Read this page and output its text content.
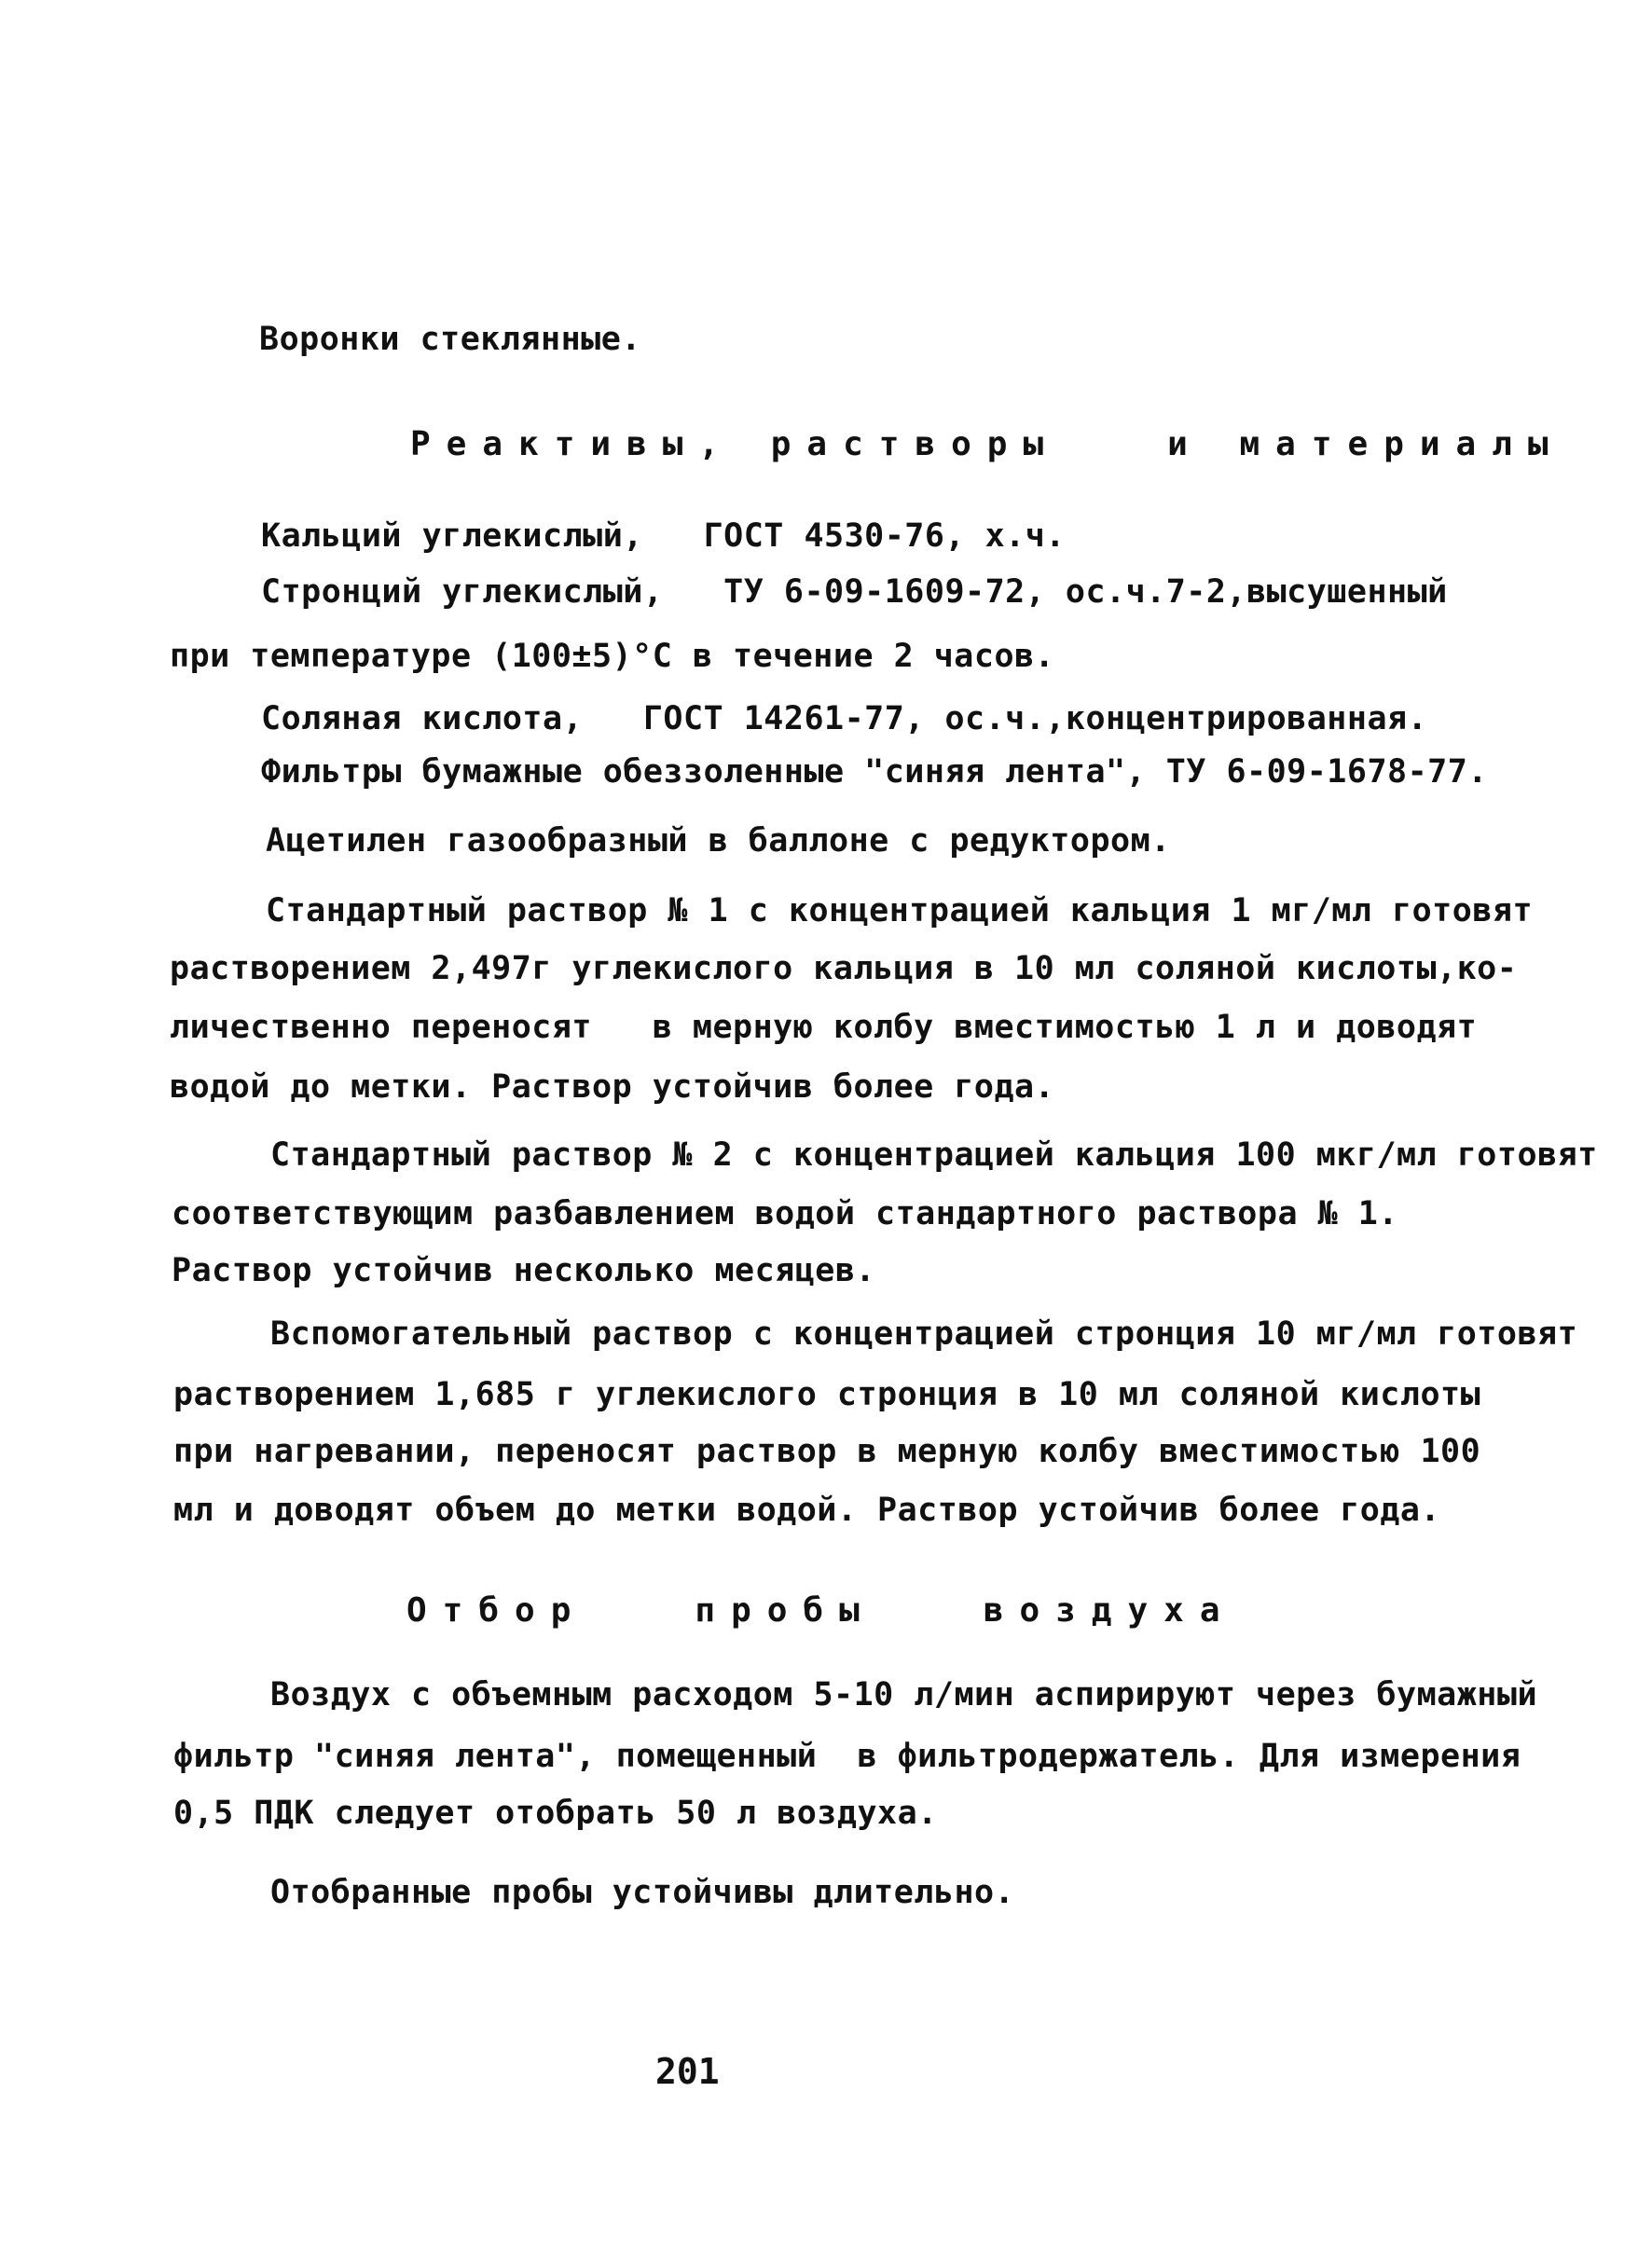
Воронки стеклянные.
Реактивы, растворы   и материалы
Кальций углекислый,   ГОСТ 4530-76, х.ч.
Стронций углекислый,   ТУ 6-09-1609-72, ос.ч.7-2,высушенный
при температуре (100±5)°С в течение 2 часов.
Соляная кислота,   ГОСТ 14261-77, ос.ч.,концентрированная.
Фильтры бумажные обеззоленные "синяя лента", ТУ 6-09-1678-77.
Ацетилен газообразный в баллоне с редуктором.
Стандартный раствор № 1 с концентрацией кальция 1 мг/мл готовят
растворением 2,497г углекислого кальция в 10 мл соляной кислоты,ко-
личественно переносят   в мерную колбу вместимостью 1 л и доводят
водой до метки. Раствор устойчив более года.
Стандартный раствор № 2 с концентрацией кальция 100 мкг/мл готовят
соответствующим разбавлением водой стандартного раствора № 1.
Раствор устойчив несколько месяцев.
Вспомогательный раствор с концентрацией стронция 10 мг/мл готовят
растворением 1,685 г углекислого стронция в 10 мл соляной кислоты
при нагревании, переносят раствор в мерную колбу вместимостью 100
мл и доводят объем до метки водой. Раствор устойчив более года.
Отбор   пробы   воздуха
Воздух с объемным расходом 5-10 л/мин аспирируют через бумажный
фильтр "синяя лента", помещенный  в фильтродержатель. Для измерения
0,5 ПДК следует отобрать 50 л воздуха.
Отобранные пробы устойчивы длительно.
201
